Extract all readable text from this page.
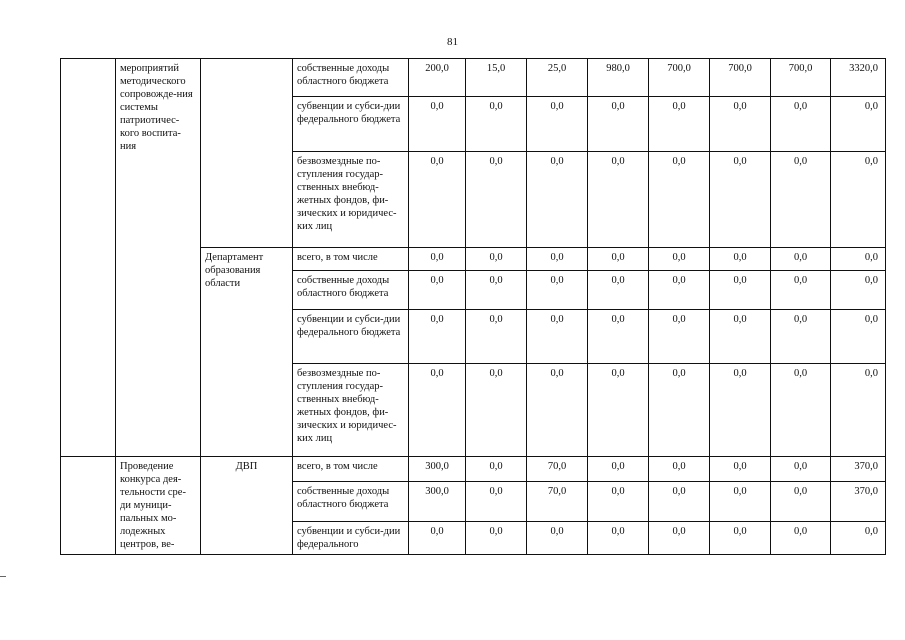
81
	мероприятий методического сопровожде-ния системы патриотичес-кого воспита-ния		собственные доходы областного бюджета	200,0	15,0	25,0	980,0	700,0	700,0	700,0	3320,0
			субвенции и субси-дии федерального бюджета	0,0	0,0	0,0	0,0	0,0	0,0	0,0	0,0
			безвозмездные по-ступления государ-ственных внебюд-жетных фондов, фи-зических и юридичес-ких лиц	0,0	0,0	0,0	0,0	0,0	0,0	0,0	0,0
		Департамент образования области	всего, в том числе	0,0	0,0	0,0	0,0	0,0	0,0	0,0	0,0
			собственные доходы областного бюджета	0,0	0,0	0,0	0,0	0,0	0,0	0,0	0,0
			субвенции и субси-дии федерального бюджета	0,0	0,0	0,0	0,0	0,0	0,0	0,0	0,0
			безвозмездные по-ступления государ-ственных внебюд-жетных фондов, фи-зических и юридичес-ких лиц	0,0	0,0	0,0	0,0	0,0	0,0	0,0	0,0
	Проведение конкурса дея-тельности сре-ди муници-пальных мо-лодежных центров, ве-	ДВП	всего, в том числе	300,0	0,0	70,0	0,0	0,0	0,0	0,0	370,0
			собственные доходы областного бюджета	300,0	0,0	70,0	0,0	0,0	0,0	0,0	370,0
			субвенции и субси-дии федерального	0,0	0,0	0,0	0,0	0,0	0,0	0,0	0,0
